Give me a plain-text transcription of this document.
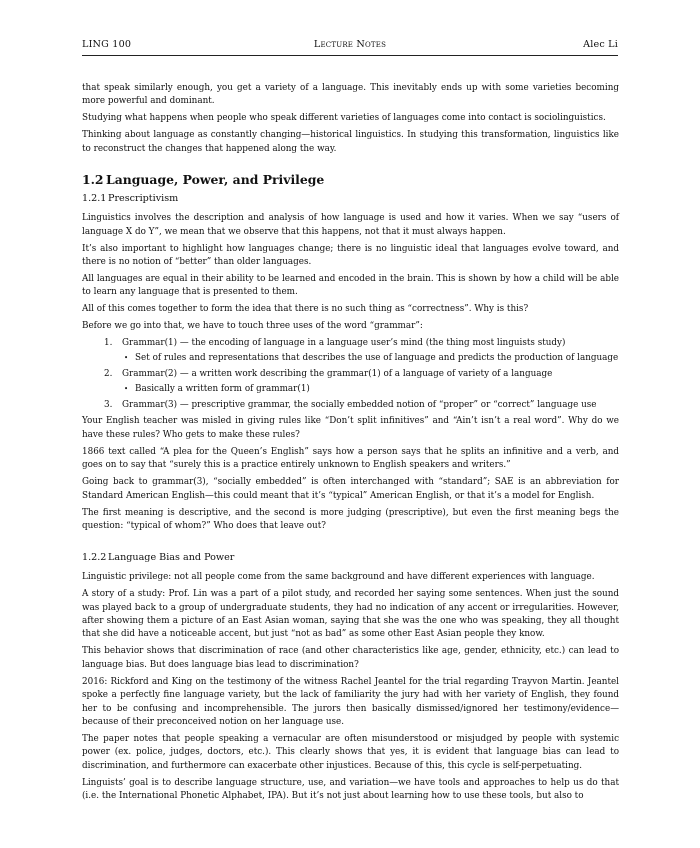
LING 100	Lecture Notes	Alec Li

that speak similarly enough, you get a variety of a language. This inevitably ends up with some varieties becoming more powerful and dominant.

Studying what happens when people who speak different varieties of languages come into contact is sociolinguistics.

Thinking about language as constantly changing—historical linguistics. In studying this transformation, linguistics like to reconstruct the changes that happened along the way.

1.2 Language, Power, and Privilege
1.2.1 Prescriptivism

Linguistics involves the description and analysis of how language is used and how it varies. When we say “users of language X do Y”, we mean that we observe that this happens, not that it must always happen.

It’s also important to highlight how languages change; there is no linguistic ideal that languages evolve toward, and there is no notion of “better” than older languages.

All languages are equal in their ability to be learned and encoded in the brain. This is shown by how a child will be able to learn any language that is presented to them.

All of this comes together to form the idea that there is no such thing as “correctness”. Why is this?

Before we go into that, we have to touch three uses of the word “grammar”:

1. Grammar(1) — the encoding of language in a language user’s mind (the thing most linguists study)
• Set of rules and representations that describes the use of language and predicts the production of language
2. Grammar(2) — a written work describing the grammar(1) of a language of variety of a language
• Basically a written form of grammar(1)
3. Grammar(3) — prescriptive grammar, the socially embedded notion of “proper” or “correct” language use

Your English teacher was misled in giving rules like “Don’t split infinitives” and “Ain’t isn’t a real word”. Why do we have these rules? Who gets to make these rules?

1866 text called “A plea for the Queen’s English” says how a person says that he splits an infinitive and a verb, and goes on to say that “surely this is a practice entirely unknown to English speakers and writers.”

Going back to grammar(3), “socially embedded” is often interchanged with “standard”; SAE is an abbreviation for Standard American English—this could meant that it’s “typical” American English, or that it’s a model for English.

The first meaning is descriptive, and the second is more judging (prescriptive), but even the first meaning begs the question: “typical of whom?” Who does that leave out?

1.2.2 Language Bias and Power

Linguistic privilege: not all people come from the same background and have different experiences with language.

A story of a study: Prof. Lin was a part of a pilot study, and recorded her saying some sentences. When just the sound was played back to a group of undergraduate students, they had no indication of any accent or irregularities. However, after showing them a picture of an East Asian woman, saying that she was the one who was speaking, they all thought that she did have a noticeable accent, but just “not as bad” as some other East Asian people they know.

This behavior shows that discrimination of race (and other characteristics like age, gender, ethnicity, etc.) can lead to language bias. But does language bias lead to discrimination?

2016: Rickford and King on the testimony of the witness Rachel Jeantel for the trial regarding Trayvon Martin. Jeantel spoke a perfectly fine language variety, but the lack of familiarity the jury had with her variety of English, they found her to be confusing and incomprehensible. The jurors then basically dismissed/ignored her testimony/evidence—because of their preconceived notion on her language use.

The paper notes that people speaking a vernacular are often misunderstood or misjudged by people with systemic power (ex. police, judges, doctors, etc.). This clearly shows that yes, it is evident that language bias can lead to discrimination, and furthermore can exacerbate other injustices. Because of this, this cycle is self-perpetuating.

Linguists’ goal is to describe language structure, use, and variation—we have tools and approaches to help us do that (i.e. the International Phonetic Alphabet, IPA). But it’s not just about learning how to use these tools, but also to
